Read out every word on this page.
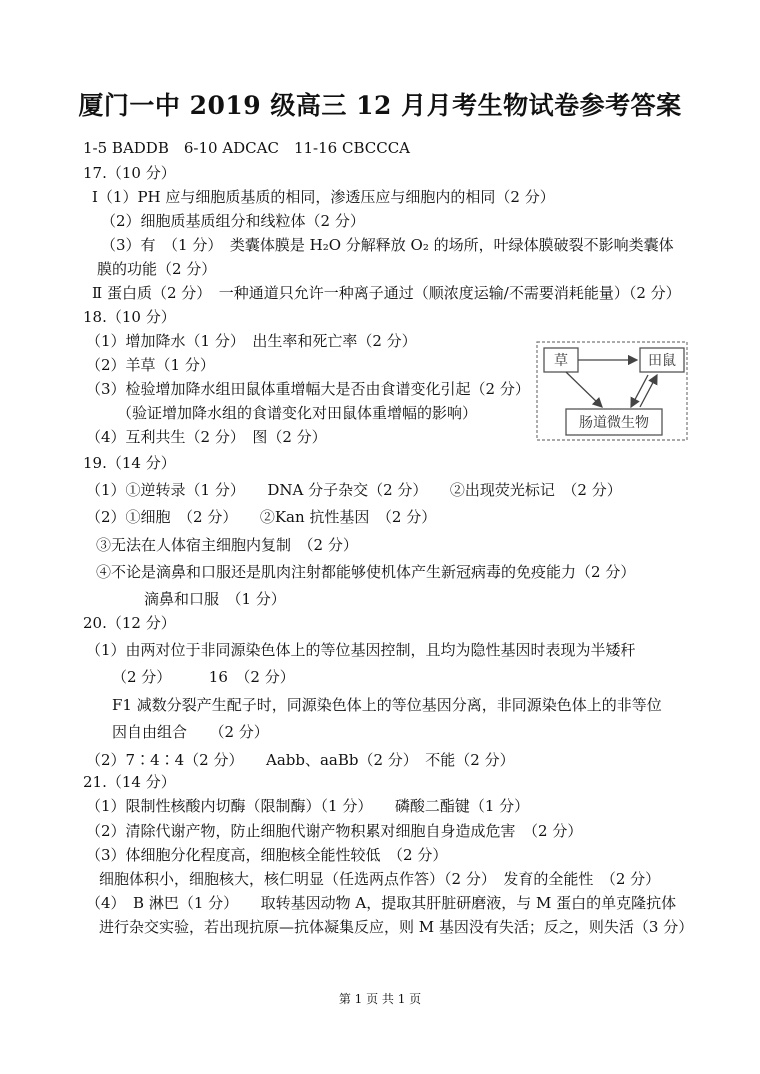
厦门一中 2019 级高三 12 月月考生物试卷参考答案
1-5 BADDB　6-10 ADCAC　11-16 CBCCCA
17.（10 分）
Ⅰ（1）PH 应与细胞质基质的相同，渗透压应与细胞内的相同（2 分）
（2）细胞质基质组分和线粒体（2 分）
（3）有　（1 分）　类囊体膜是 H₂O 分解释放 O₂ 的场所，叶绿体膜破裂不影响类囊体
膜的功能（2 分）
Ⅱ 蛋白质（2 分）　一种通道只允许一种离子通过（顺浓度运输/不需要消耗能量）（2 分）
18.（10 分）
（1）增加降水（1 分）　出生率和死亡率（2 分）
（2）羊草（1 分）
（3）检验增加降水组田鼠体重增幅大是否由食谱变化引起（2 分）
（验证增加降水组的食谱变化对田鼠体重增幅的影响）
（4）互利共生（2 分）　图（2 分）
草	田鼠
肠道微生物
19.（14 分）
（1）①逆转录（1 分）　　DNA 分子杂交（2 分）　　②出现荧光标记　（2 分）
（2）①细胞　（2 分）　　②Kan 抗性基因　（2 分）
③无法在人体宿主细胞内复制　（2 分）
④不论是滴鼻和口服还是肌肉注射都能够使机体产生新冠病毒的免疫能力（2 分）
滴鼻和口服　（1 分）
20.（12 分）
（1）由两对位于非同源染色体上的等位基因控制，且均为隐性基因时表现为半矮秆
（2 分）　　　16　（2 分）
F1 减数分裂产生配子时，同源染色体上的等位基因分离，非同源染色体上的非等位
因自由组合　　（2 分）
（2）7∶4∶4（2 分）　　Aabb、aaBb（2 分）　不能（2 分）
21.（14 分）
（1）限制性核酸内切酶（限制酶）（1 分）　　磷酸二酯键（1 分）
（2）清除代谢产物，防止细胞代谢产物积累对细胞自身造成危害　（2 分）
（3）体细胞分化程度高，细胞核全能性较低　（2 分）
细胞体积小，细胞核大，核仁明显（任选两点作答）（2 分）　发育的全能性　（2 分）
（4）　B 淋巴（1 分）　　取转基因动物 A，提取其肝脏研磨液，与 M 蛋白的单克隆抗体
进行杂交实验，若出现抗原—抗体凝集反应，则 M 基因没有失活；反之，则失活（3 分）
第 1 页 共 1 页
